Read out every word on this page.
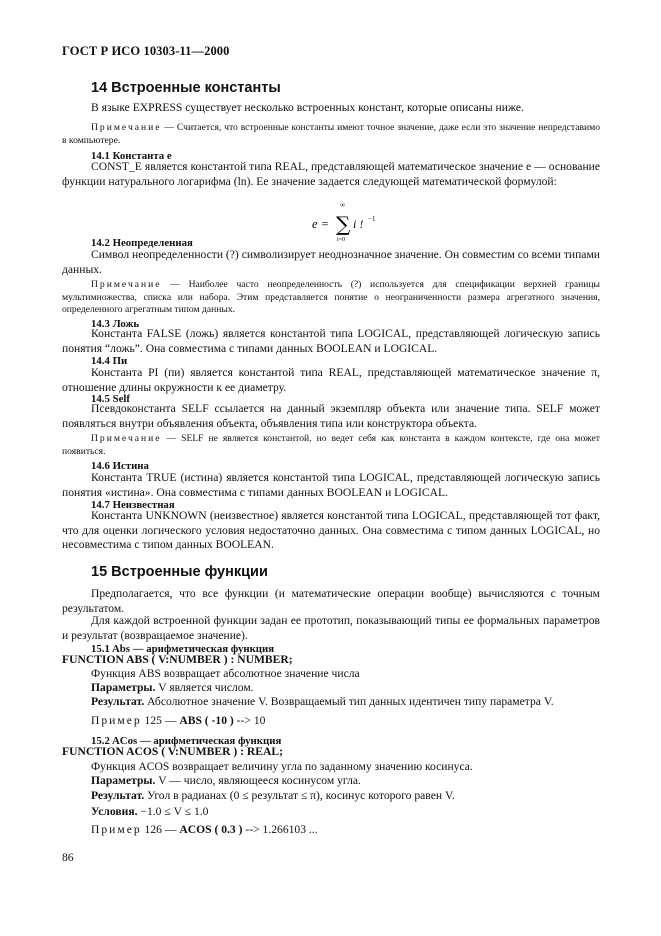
ГОСТ Р ИСО 10303-11—2000
14 Встроенные константы
В языке EXPRESS существует несколько встроенных констант, которые описаны ниже.
Примечание — Считается, что встроенные константы имеют точное значение, даже если это значение непредставимо в компьютере.
14.1 Константа e
CONST_E является константой типа REAL, представляющей математическое значение e — основание функции натурального логарифма (ln). Ее значение задается следующей математической формулой:
e =
∞
∑
i=0
i ! −1
14.2 Неопределенная
Символ неопределенности (?) символизирует неоднозначное значение. Он совместим со всеми типами данных.
Примечание — Наиболее часто неопределенность (?) используется для спецификации верхней границы мультимножества, списка или набора. Этим представляется понятие о неограниченности размера агрегатного значения, определенного агрегатным типом данных.
14.3 Ложь
Константа FALSE (ложь) является константой типа LOGICAL, представляющей логическую запись понятия “ложь”. Она совместима с типами данных BOOLEAN и LOGICAL.
14.4 Пи
Константа PI (пи) является константой типа REAL, представляющей математическое значение π, отношение длины окружности к ее диаметру.
14.5 Self
Псевдоконстанта SELF ссылается на данный экземпляр объекта или значение типа. SELF может появляться внутри объявления объекта, объявления типа или конструктора объекта.
Примечание — SELF не является константой, но ведет себя как константа в каждом контексте, где она может появиться.
14.6 Истина
Константа TRUE (истина) является константой типа LOGICAL, представляющей логическую запись понятия «истина». Она совместима с типами данных BOOLEAN и LOGICAL.
14.7 Неизвестная
Константа UNKNOWN (неизвестное) является константой типа LOGICAL, представляющей тот факт, что для оценки логического условия недостаточно данных. Она совместима с типом данных LOGICAL, но несовместима с типом данных BOOLEAN.
15 Встроенные функции
Предполагается, что все функции (и математические операции вообще) вычисляются с точным результатом.
Для каждой встроенной функции задан ее прототип, показывающий типы ее формальных параметров и результат (возвращаемое значение).
15.1 Abs — арифметическая функция
FUNCTION ABS ( V:NUMBER ) : NUMBER;
Функция ABS возвращает абсолютное значение числа
Параметры. V является числом.
Результат. Абсолютное значение V. Возвращаемый тип данных идентичен типу параметра V.
Пример 125 — ABS ( -10 ) --> 10
15.2 ACos — арифметическая функция
FUNCTION ACOS ( V:NUMBER ) : REAL;
Функция ACOS возвращает величину угла по заданному значению косинуса.
Параметры. V — число, являющееся косинусом угла.
Результат. Угол в радианах (0 ≤ результат ≤ π), косинус которого равен V.
Условия. −1.0 ≤ V ≤ 1.0
Пример 126 — ACOS ( 0.3 ) --> 1.266103 ...
86
